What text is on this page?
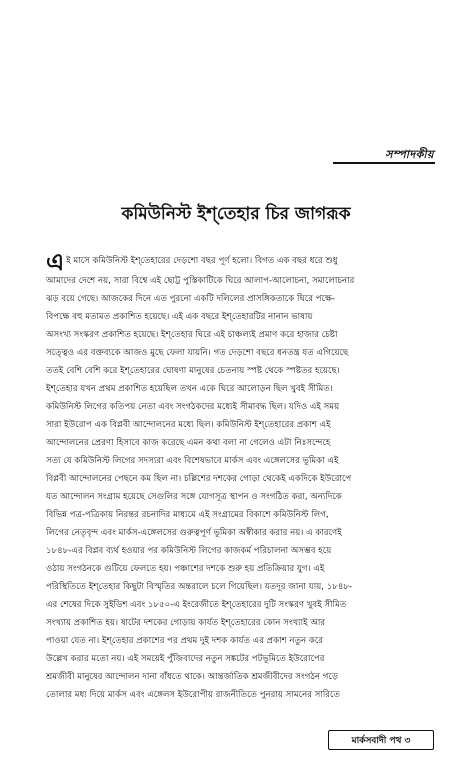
সম্পাদকীয়
কমিউনিস্ট ইশ্‌তেহার চির জাগরূক
এই মাসে কমিউনিস্ট ইশ্‌তেহারের দেড়শো বছর পূর্ণ হলো। বিগত এক বছর ধরে শুধু
আমাদের দেশে নয়, সারা বিশ্বে এই ছোট্ট পুস্তিকাটিকে ঘিরে আলাপ-আলোচনা, সমালোচনার
ঝড় বয়ে গেছে। আজকের দিনে এত পুরনো একটি দলিলের প্রাসঙ্গিকতাকে ঘিরে পক্ষে-
বিপক্ষে বহু মতামত প্রকাশিত হয়েছে। এই এক বছরে ইশ্‌তেহারটির নানান ভাষায়
অসংখ্য সংস্করণ প্রকাশিত হয়েছে। ইশ্‌তেহার ঘিরে এই চাঞ্চল্যই প্রমাণ করে হাজার চেষ্টা
সত্ত্বেও এর বক্তব্যকে আজও মুছে ফেলা যায়নি। গত দেড়শো বছরে ধনতন্ত্র যত এগিয়েছে
ততই বেশি বেশি করে ইশ্‌তেহারের ঘোষণা মানুষের চেতনায় স্পষ্ট থেকে স্পষ্টতর হয়েছে।
ইশ্‌তেহার যখন প্রথম প্রকাশিত হয়েছিল তখন একে ঘিরে আলোড়ন ছিল খুবই সীমিত।
কমিউনিস্ট লিগের কতিপয় নেতা এবং সংগঠকদের মধ্যেই সীমাবদ্ধ ছিল। যদিও এই সময়
সারা ইউরোপ এক বিপ্লবী আন্দোলনের মধ্যে ছিল। কমিউনিস্ট ইশ্‌তেহারের প্রকাশ এই
আন্দোলনের প্রেরণা হিসাবে কাজ করেছে এমন কথা বলা না গেলেও এটা নিঃসন্দেহে
সত্য যে কমিউনিস্ট লিগের সদস্যরা এবং বিশেষভাবে মার্কস এবং এঙ্গেলসের ভূমিকা এই
বিপ্লবী আন্দোলনের পেছনে কম ছিল না। চল্লিশের দশকের গোড়া থেকেই একদিকে ইউরোপে
যত আন্দোলন সংগ্রাম হয়েছে সেগুলির সঙ্গে যোগসূত্র স্থাপন ও সংগঠিত করা, অন্যদিকে
বিভিন্ন পত্র-পত্রিকায় নিরন্তর রচনাদির মাধ্যমে এই সংগ্রামের বিকাশে কমিউনিস্ট লিগ,
লিগের নেতৃবৃন্দ এবং মার্কস-এঙ্গেলসের গুরুত্বপূর্ণ ভূমিকা অস্বীকার করার নয়। এ কারণেই
১৮৪৮-এর বিপ্লব ব্যর্থ হওয়ার পর কমিউনিস্ট লিগের কাজকর্ম পরিচালনা অসম্ভব হয়ে
ওঠায় সংগঠনকে গুটিয়ে ফেলতে হয়। পঞ্চাশের দশকে শুরু হয় প্রতিক্রিয়ার যুগ। এই
পরিস্থিতিতে ইশ্‌তেহার কিছুটা বিস্মৃতির অন্তরালে চলে গিয়েছিল। যতদূর জানা যায়, ১৮৪৮-
এর শেষের দিকে সুইডিশ এবং ১৮৫০-এ ইংরেজীতে ইশ্‌তেহারের দুটি সংস্করণ খুবই সীমিত
সংখ্যায় প্রকাশিত হয়। ষাটের দশকের গোড়ায় কার্যত ইশ্‌তেহারের কোন সংখ্যাই আর
পাওয়া যেত না। ইশ্‌তেহার প্রকাশের পর প্রথম দুই দশক কার্যত এর প্রকাশ নতুন করে
উল্লেখ করার মতো নয়। এই সময়েই পুঁজিবাদের নতুন সঙ্কটের পটভূমিতে ইউরোপের
শ্রমজীবী মানুষের আন্দোলন দানা বাঁধতে থাকে। আন্তর্জাতিক শ্রমজীবীদের সংগঠন গড়ে
তোলার মধ্য দিয়ে মার্কস এবং এঙ্গেলস ইউরোপীয় রাজনীতিতে পুনরায় সামনের সারিতে
মার্কসবাদী পথ ৩
